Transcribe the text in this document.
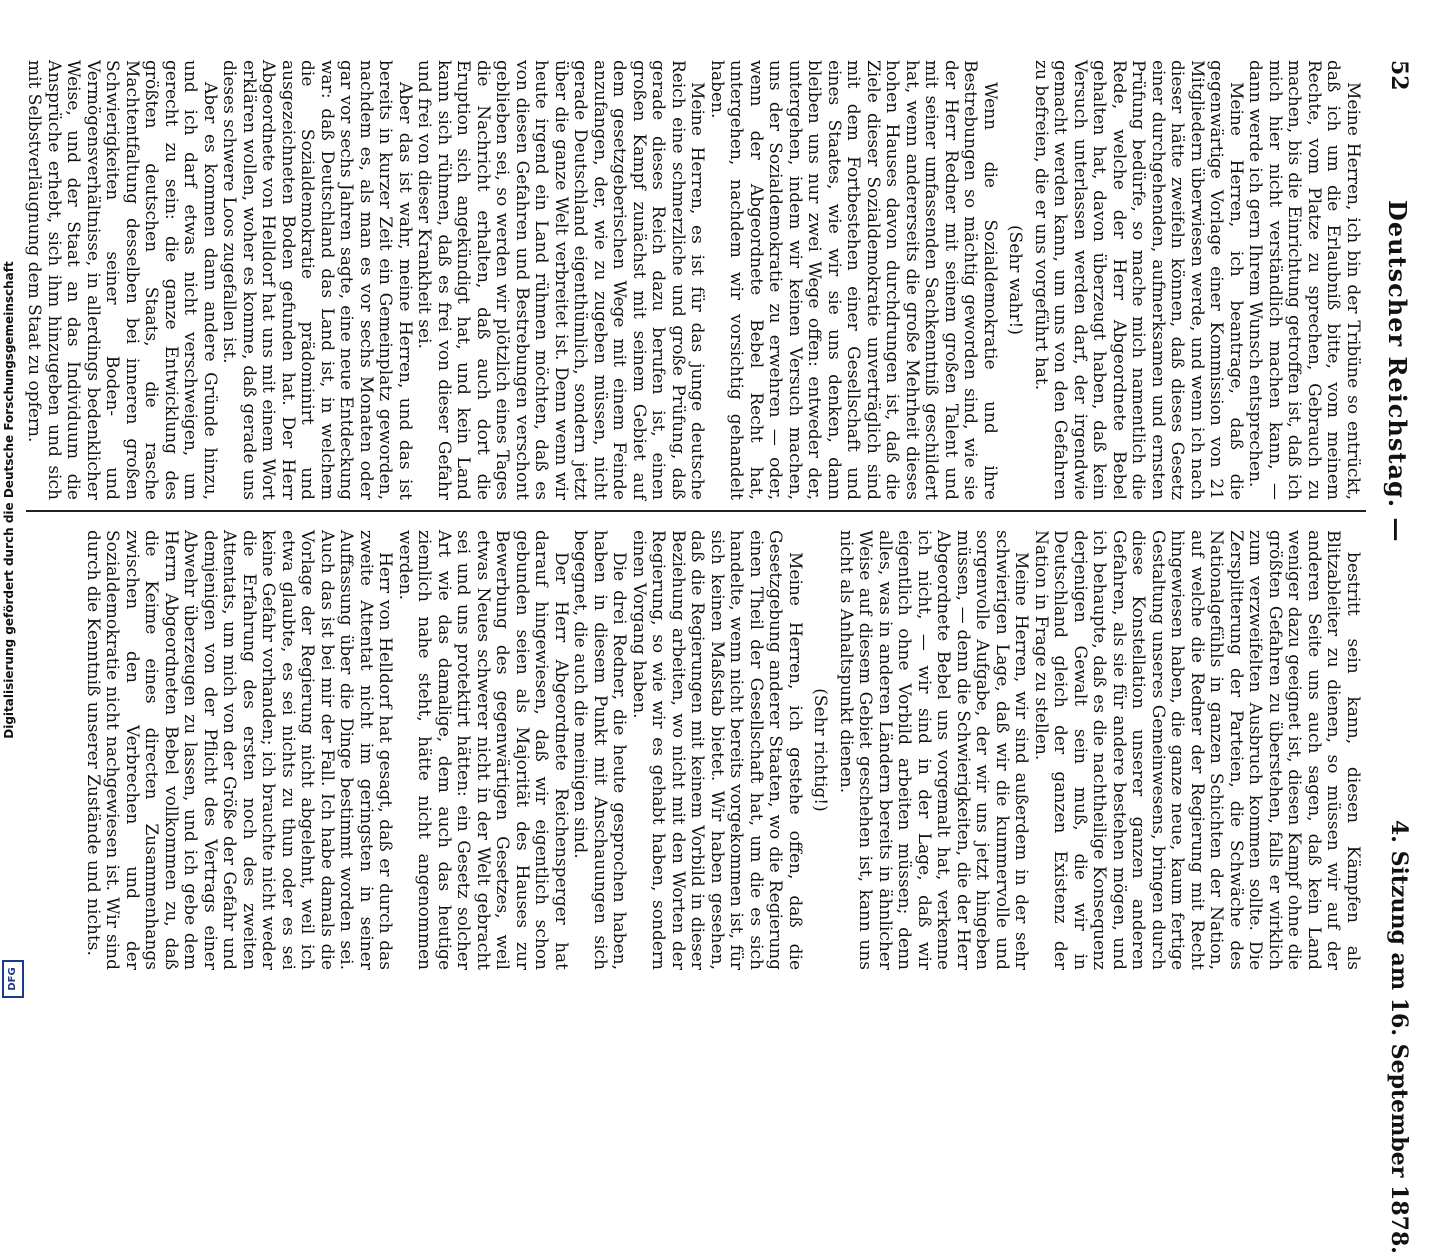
52
Deutscher Reichstag. —
4. Sitzung am 16. September 1878.

Meine Herren, ich bin der Tribüne so entrückt, daß ich um die Erlaubniß bitte, vom meinem Rechte, vom Platze zu sprechen, Gebrauch zu machen, bis die Einrichtung getroffen ist, daß ich mich hier nicht verständlich machen kann, — dann werde ich gern Ihrem Wunsch entsprechen.

Meine Herren, ich beantrage, daß die gegenwärtige Vorlage einer Kommission von 21 Mitgliedern überwiesen werde, und wenn ich nach dieser hätte zweifeln können, daß dieses Gesetz einer durchgehenden, aufmerksamen und ernsten Prüfung bedürfe, so mache mich namentlich die Rede, welche der Herr Abgeordnete Bebel gehalten hat, davon überzeugt haben, daß kein Versuch unterlassen werden darf, der irgendwie gemacht werden kann, um uns von den Gefahren zu befreien, die er uns vorgeführt hat.

(Sehr wahr!)

Wenn die Sozialdemokratie und ihre Bestrebungen so mächtig geworden sind, wie sie der Herr Redner mit seinem großen Talent und mit seiner umfassenden Sachkenntniß geschildert hat, wenn andererseits die große Mehrheit dieses hohen Hauses davon durchdrungen ist, daß die Ziele dieser Sozialdemokratie unverträglich sind mit dem Fortbestehen einer Gesellschaft und eines Staates, wie wir sie uns denken, dann bleiben uns nur zwei Wege offen: entweder der, untergehen, indem wir keinen Versuch machen, uns der Sozialdemokratie zu erwehren — oder, wenn der Abgeordnete Bebel Recht hat, untergehen, nachdem wir vorsichtig gehandelt haben.

Meine Herren, es ist für das junge deutsche Reich eine schmerzliche und große Prüfung, daß gerade dieses Reich dazu berufen ist, einen großen Kampf zunächst mit seinem Gebiet auf dem gesetzgeberischen Wege mit einem Feinde anzufangen, der, wie zu zugeben müssen, nicht gerade Deutschland eigenthümlich, sondern jetzt über die ganze Welt verbreitet ist. Denn wenn wir heute irgend ein Land rühmen möchten, daß es von diesen Gefahren und Bestrebungen verschont geblieben sei, so werden wir plötzlich eines Tages die Nachricht erhalten, daß auch dort die Eruption sich angekündigt hat, und kein Land kann sich rühmen, daß es frei von dieser Gefahr und frei von dieser Krankheit sei.

Aber das ist wahr, meine Herren, und das ist bereits in kurzer Zeit ein Gemeinplatz geworden, nachdem es, als man es vor sechs Monaten oder gar vor sechs Jahren sagte, eine neue Entdeckung war: daß Deutschland das Land ist, in welchem die Sozialdemokratie prädominirt und ausgezeichneten Boden gefunden hat. Der Herr Abgeordnete von Helldorf hat uns mit einem Wort erklären wollen, woher es komme, daß gerade uns dieses schwere Loos zugefallen ist.

Aber es kommen dann andere Gründe hinzu, und ich darf etwas nicht verschweigen, um gerecht zu sein: die ganze Entwicklung des größten deutschen Staats, die rasche Machtentfaltung desselben bei inneren großen Schwierigkeiten seiner Boden- und Vermögensverhältnisse, in allerdings bedenklicher Weise, und der Staat an das Individuum die Ansprüche erhebt, sich ihm hinzugeben und sich mit Selbstverläugnung dem Staat zu opfern.

bestritt sein kann, diesen Kämpfen als Blitzableiter zu dienen, so müssen wir auf der anderen Seite uns auch sagen, daß kein Land weniger dazu geeignet ist, diesen Kampf ohne die größten Gefahren zu überstehen, falls er wirklich zum verzweifelten Ausbruch kommen sollte. Die Zersplitterung der Parteien, die Schwäche des Nationalgefühls in ganzen Schichten der Nation, auf welche die Redner der Regierung mit Recht hingewiesen haben, die ganze neue, kaum fertige Gestaltung unseres Gemeinwesens, bringen durch diese Konstellation unserer ganzen anderen Gefahren, als sie für andere bestehen mögen, und ich behaupte, daß es die nachtheilige Konsequenz derjenigen Gewalt sein muß, die wir in Deutschland gleich der ganzen Existenz der Nation in Frage zu stellen.

Meine Herren, wir sind außerdem in der sehr schwierigen Lage, daß wir die kummervolle und sorgenvolle Aufgabe, der wir uns jetzt hingeben müssen, — denn die Schwierigkeiten, die der Herr Abgeordnete Bebel uns vorgemalt hat, verkenne ich nicht, — wir sind in der Lage, daß wir eigentlich ohne Vorbild arbeiten müssen; denn alles, was in anderen Ländern bereits in ähnlicher Weise auf diesem Gebiet geschehen ist, kann uns nicht als Anhaltspunkt dienen.

(Sehr richtig!)

Meine Herren, ich gestehe offen, daß die Gesetzgebung anderer Staaten, wo die Regierung einen Theil der Gesellschaft hat, um die es sich handelte, wenn nicht bereits vorgekommen ist, für sich keinen Maßstab bietet. Wir haben gesehen, daß die Regierungen mit keinem Vorbild in dieser Beziehung arbeiten, wo nicht mit den Worten der Regierung, so wie wir es gehabt haben, sondern einen Vorgang haben.

Die drei Redner, die heute gesprochen haben, haben in diesem Punkt mit Anschauungen sich begegnet, die auch die meinigen sind.

Der Herr Abgeordnete Reichensperger hat darauf hingewiesen, daß wir eigentlich schon gebunden seien als Majorität des Hauses zur Bewerbung des gegenwärtigen Gesetzes, weil etwas Neues schwerer nicht in der Welt gebracht sei und uns protektirt hätten: ein Gesetz solcher Art wie das damalige, dem auch das heutige ziemlich nahe steht, hätte nicht angenommen werden.

Herr von Helldorf hat gesagt, daß er durch das zweite Attentat nicht im geringsten in seiner Auffassung über die Dinge bestimmt worden sei. Auch das ist bei mir der Fall. Ich habe damals die Vorlage der Regierung nicht abgelehnt, weil ich etwa glaubte, es sei nichts zu thun oder es sei keine Gefahr vorhanden; ich brauchte nicht weder die Erfahrung des ersten noch des zweiten Attentats, um mich von der Größe der Gefahr und demjenigen von der Pflicht des Vertrags einer Abwehr überzeugen zu lassen, und ich gebe dem Herrn Abgeordneten Bebel vollkommen zu, daß die Keime eines directen Zusammenhangs zwischen den Verbrechen und der Sozialdemokratie nicht nachgewiesen ist. Wir sind durch die Kenntniß unserer Zustände und nichts.

Digitalisierung gefördert durch die Deutsche Forschungsgemeinschaft
DFG
